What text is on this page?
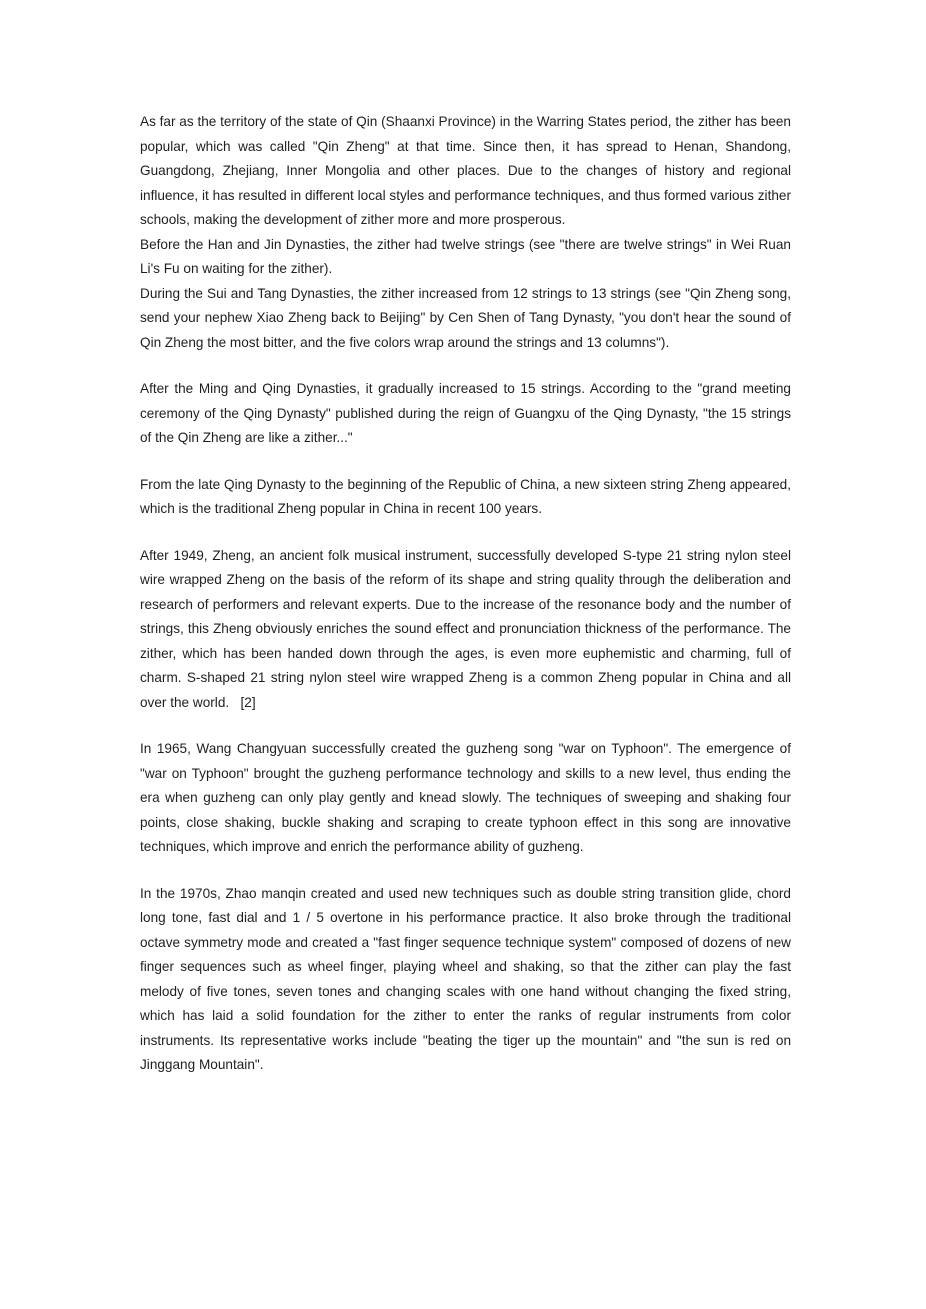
As far as the territory of the state of Qin (Shaanxi Province) in the Warring States period, the zither has been popular, which was called "Qin Zheng" at that time. Since then, it has spread to Henan, Shandong, Guangdong, Zhejiang, Inner Mongolia and other places. Due to the changes of history and regional influence, it has resulted in different local styles and performance techniques, and thus formed various zither schools, making the development of zither more and more prosperous.

Before the Han and Jin Dynasties, the zither had twelve strings (see "there are twelve strings" in Wei Ruan Li's Fu on waiting for the zither).

During the Sui and Tang Dynasties, the zither increased from 12 strings to 13 strings (see "Qin Zheng song, send your nephew Xiao Zheng back to Beijing" by Cen Shen of Tang Dynasty, "you don't hear the sound of Qin Zheng the most bitter, and the five colors wrap around the strings and 13 columns").

After the Ming and Qing Dynasties, it gradually increased to 15 strings. According to the "grand meeting ceremony of the Qing Dynasty" published during the reign of Guangxu of the Qing Dynasty, "the 15 strings of the Qin Zheng are like a zither..."

From the late Qing Dynasty to the beginning of the Republic of China, a new sixteen string Zheng appeared, which is the traditional Zheng popular in China in recent 100 years.

After 1949, Zheng, an ancient folk musical instrument, successfully developed S-type 21 string nylon steel wire wrapped Zheng on the basis of the reform of its shape and string quality through the deliberation and research of performers and relevant experts. Due to the increase of the resonance body and the number of strings, this Zheng obviously enriches the sound effect and pronunciation thickness of the performance. The zither, which has been handed down through the ages, is even more euphemistic and charming, full of charm. S-shaped 21 string nylon steel wire wrapped Zheng is a common Zheng popular in China and all over the world.   [2]

In 1965, Wang Changyuan successfully created the guzheng song "war on Typhoon". The emergence of "war on Typhoon" brought the guzheng performance technology and skills to a new level, thus ending the era when guzheng can only play gently and knead slowly. The techniques of sweeping and shaking four points, close shaking, buckle shaking and scraping to create typhoon effect in this song are innovative techniques, which improve and enrich the performance ability of guzheng.

In the 1970s, Zhao manqin created and used new techniques such as double string transition glide, chord long tone, fast dial and 1 / 5 overtone in his performance practice. It also broke through the traditional octave symmetry mode and created a "fast finger sequence technique system" composed of dozens of new finger sequences such as wheel finger, playing wheel and shaking, so that the zither can play the fast melody of five tones, seven tones and changing scales with one hand without changing the fixed string, which has laid a solid foundation for the zither to enter the ranks of regular instruments from color instruments. Its representative works include "beating the tiger up the mountain" and "the sun is red on Jinggang Mountain".
